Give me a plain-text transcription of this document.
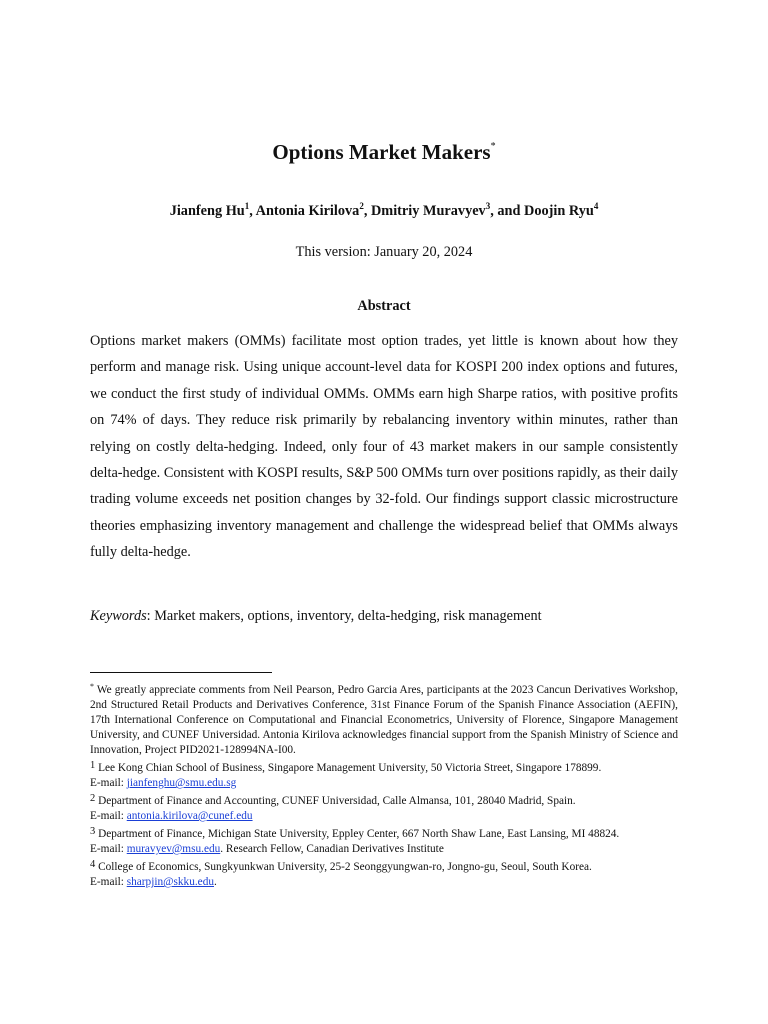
Options Market Makers*
Jianfeng Hu$^1$, Antonia Kirilova$^2$, Dmitriy Muravyev$^3$, and Doojin Ryu$^4$
This version: January 20, 2024
Abstract

Options market makers (OMMs) facilitate most option trades, yet little is known about how they perform and manage risk. Using unique account-level data for KOSPI 200 index options and futures, we conduct the first study of individual OMMs. OMMs earn high Sharpe ratios, with positive profits on 74% of days. They reduce risk primarily by rebalancing inventory within minutes, rather than relying on costly delta-hedging. Indeed, only four of 43 market makers in our sample consistently delta-hedge. Consistent with KOSPI results, S&P 500 OMMs turn over positions rapidly, as their daily trading volume exceeds net position changes by 32-fold. Our findings support classic microstructure theories emphasizing inventory management and challenge the widespread belief that OMMs always fully delta-hedge.

Keywords: Market makers, options, inventory, delta-hedging, risk management

* We greatly appreciate comments from Neil Pearson, Pedro Garcia Ares, participants at the 2023 Cancun Derivatives Workshop, 2nd Structured Retail Products and Derivatives Conference, 31st Finance Forum of the Spanish Finance Association (AEFIN), 17th International Conference on Computational and Financial Econometrics, University of Florence, Singapore Management University, and CUNEF Universidad. Antonia Kirilova acknowledges financial support from the Spanish Ministry of Science and Innovation, Project PID2021-128994NA-I00.

1 Lee Kong Chian School of Business, Singapore Management University, 50 Victoria Street, Singapore 178899.

E-mail: jianfenghu@smu.edu.sg

2 Department of Finance and Accounting, CUNEF Universidad, Calle Almansa, 101, 28040 Madrid, Spain.

E-mail: antonia.kirilova@cunef.edu

3 Department of Finance, Michigan State University, Eppley Center, 667 North Shaw Lane, East Lansing, MI 48824.

E-mail: muravyev@msu.edu. Research Fellow, Canadian Derivatives Institute

4 College of Economics, Sungkyunkwan University, 25-2 Seonggyungwan-ro, Jongno-gu, Seoul, South Korea.

E-mail: sharpjin@skku.edu.
